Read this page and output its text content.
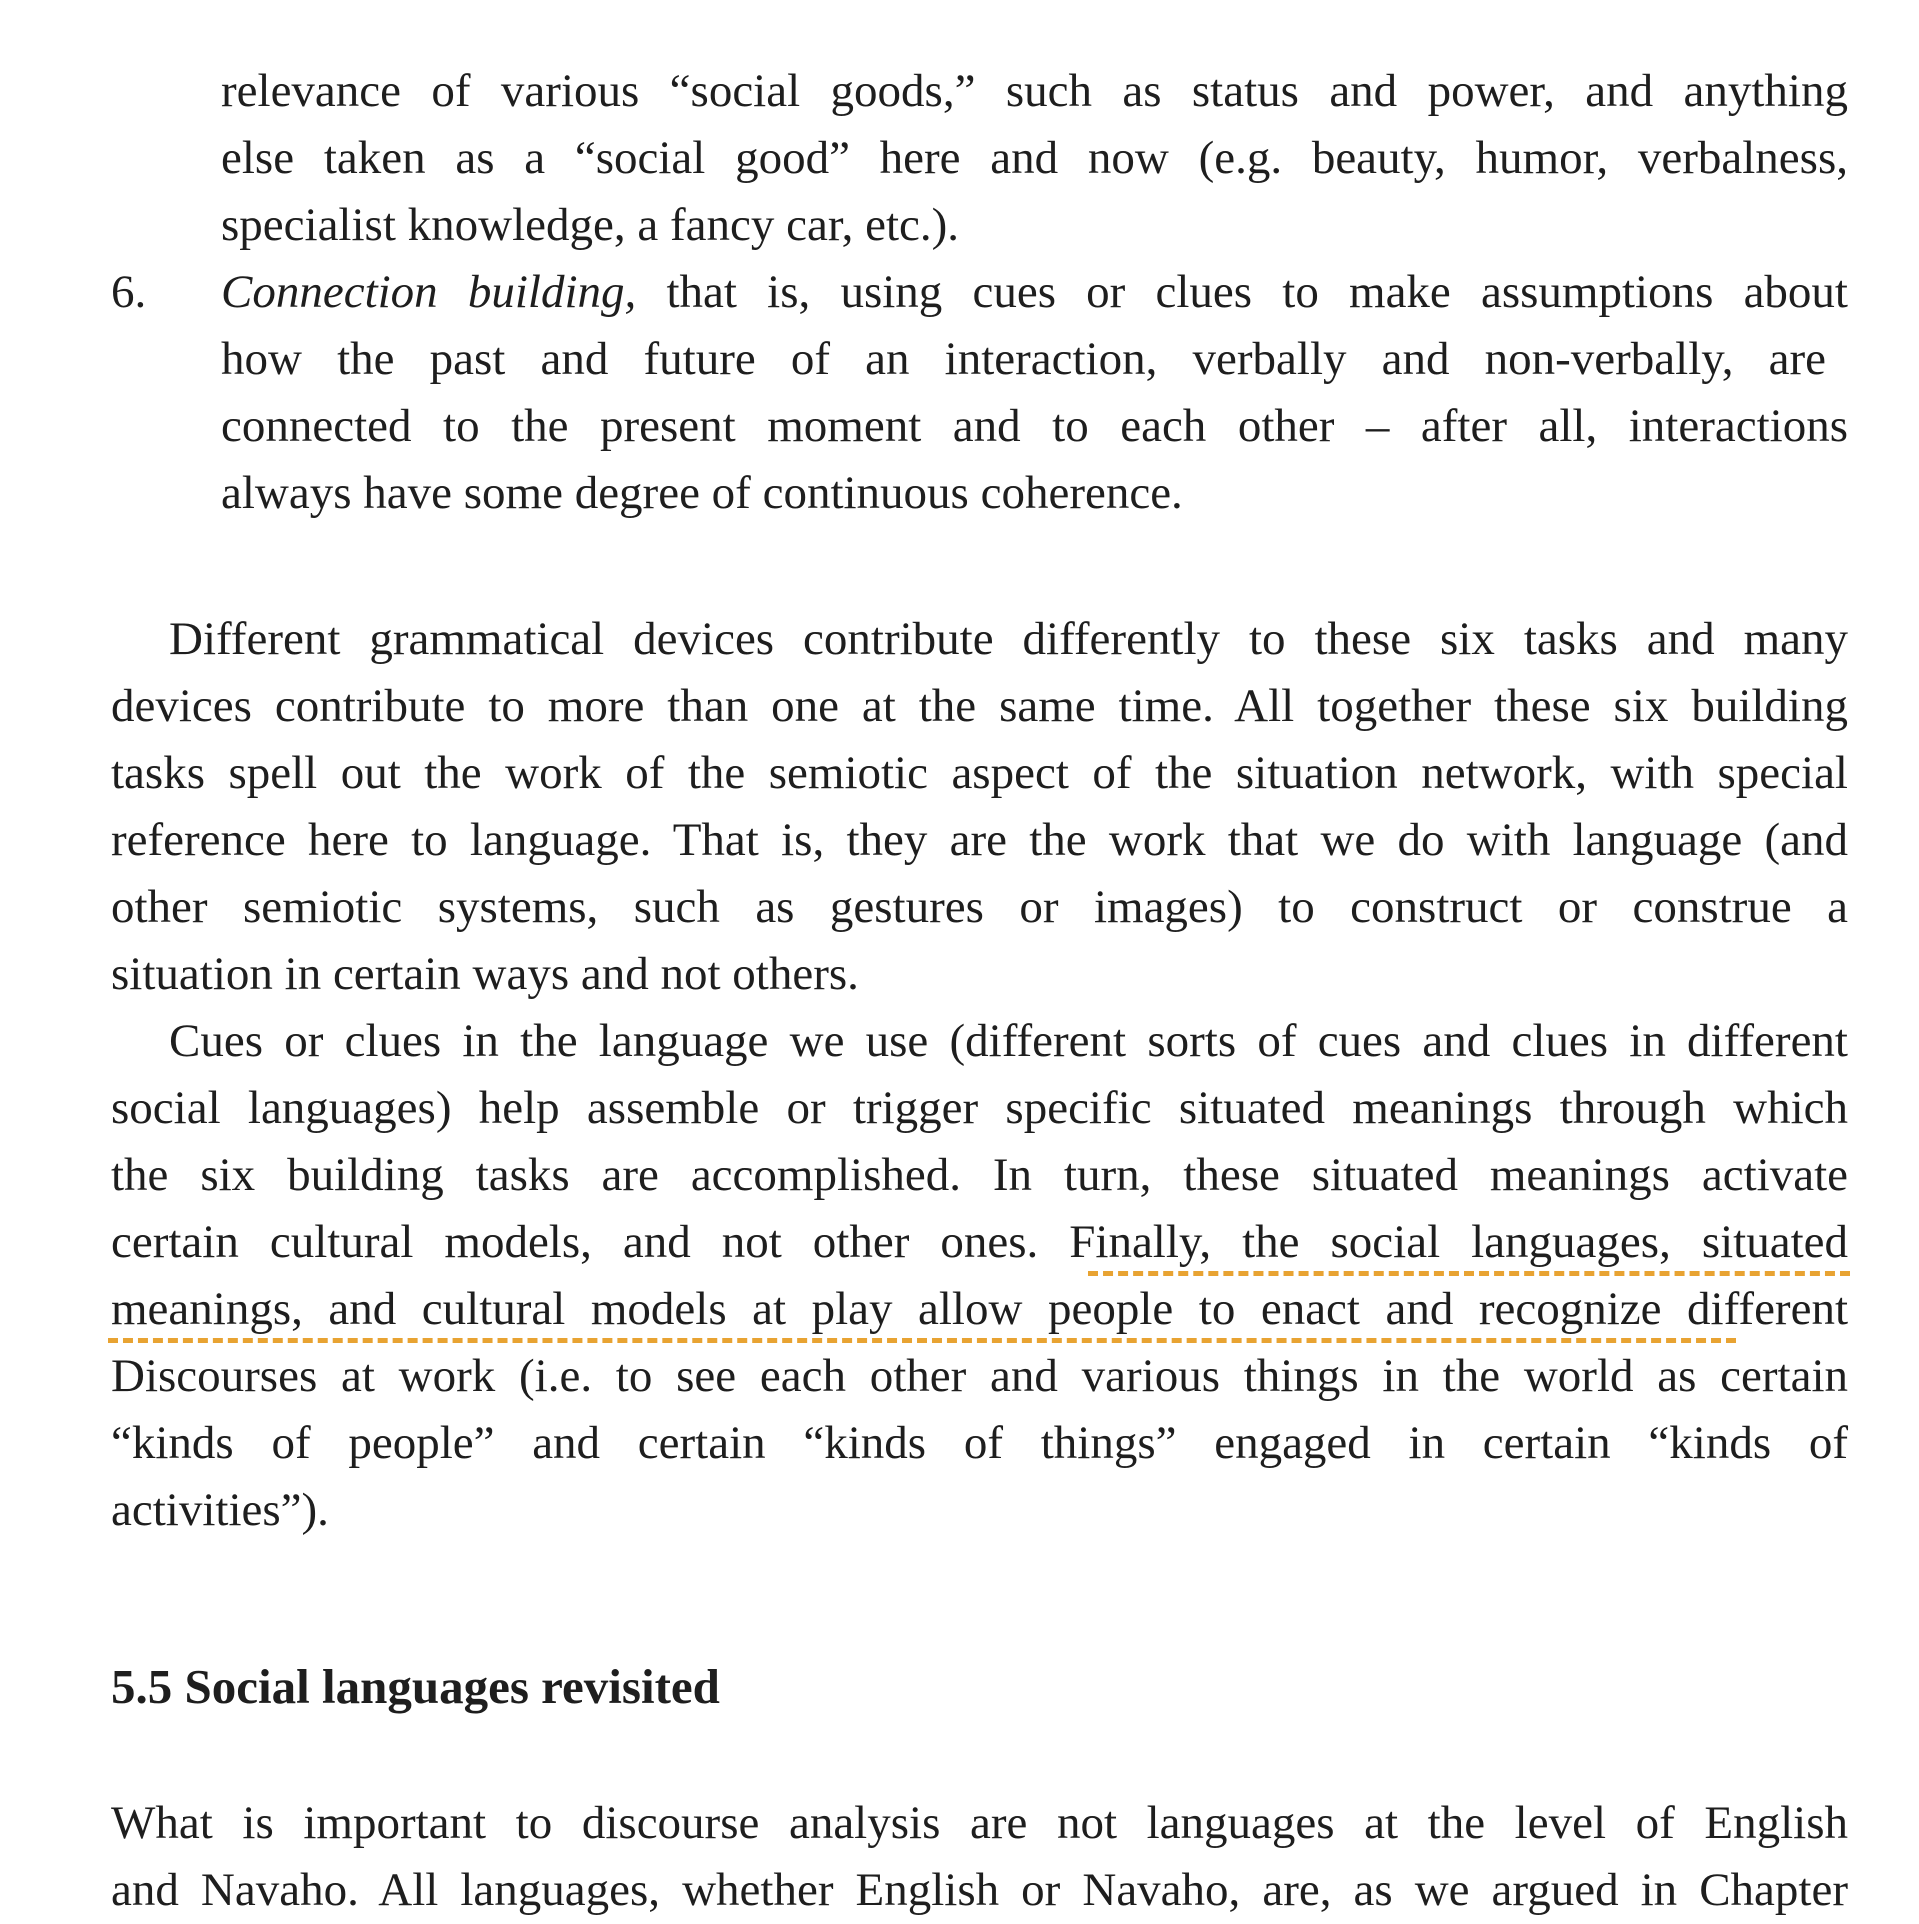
relevance of various “social goods,” such as status and power, and anything
else taken as a “social good” here and now (e.g. beauty, humor, verbalness,
specialist knowledge, a fancy car, etc.).
6. Connection building, that is, using cues or clues to make assumptions about
how the past and future of an interaction, verbally and non-verbally, are
connected to the present moment and to each other – after all, interactions
always have some degree of continuous coherence.
Different grammatical devices contribute differently to these six tasks and many
devices contribute to more than one at the same time. All together these six building
tasks spell out the work of the semiotic aspect of the situation network, with special
reference here to language. That is, they are the work that we do with language (and
other semiotic systems, such as gestures or images) to construct or construe a
situation in certain ways and not others.
Cues or clues in the language we use (different sorts of cues and clues in different
social languages) help assemble or trigger specific situated meanings through which
the six building tasks are accomplished. In turn, these situated meanings activate
certain cultural models, and not other ones. Finally, the social languages, situated
meanings, and cultural models at play allow people to enact and recognize different
Discourses at work (i.e. to see each other and various things in the world as certain
“kinds of people” and certain “kinds of things” engaged in certain “kinds of
activities”).
5.5 Social languages revisited
What is important to discourse analysis are not languages at the level of English
and Navaho. All languages, whether English or Navaho, are, as we argued in Chapter
